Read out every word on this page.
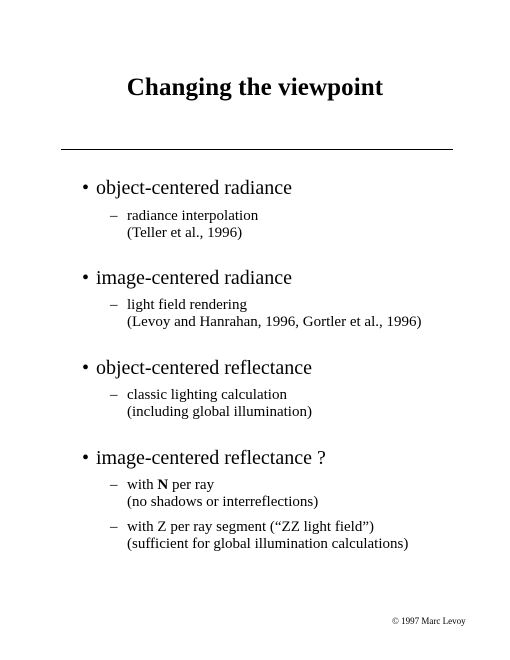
Changing the viewpoint
• object-centered radiance
– radiance interpolation
(Teller et al., 1996)
• image-centered radiance
– light field rendering
(Levoy and Hanrahan, 1996, Gortler et al., 1996)
• object-centered reflectance
– classic lighting calculation
(including global illumination)
• image-centered reflectance ?
– with N per ray
(no shadows or interreflections)
– with Z per ray segment (“ZZ light field”)
(sufficient for global illumination calculations)
© 1997 Marc Levoy
